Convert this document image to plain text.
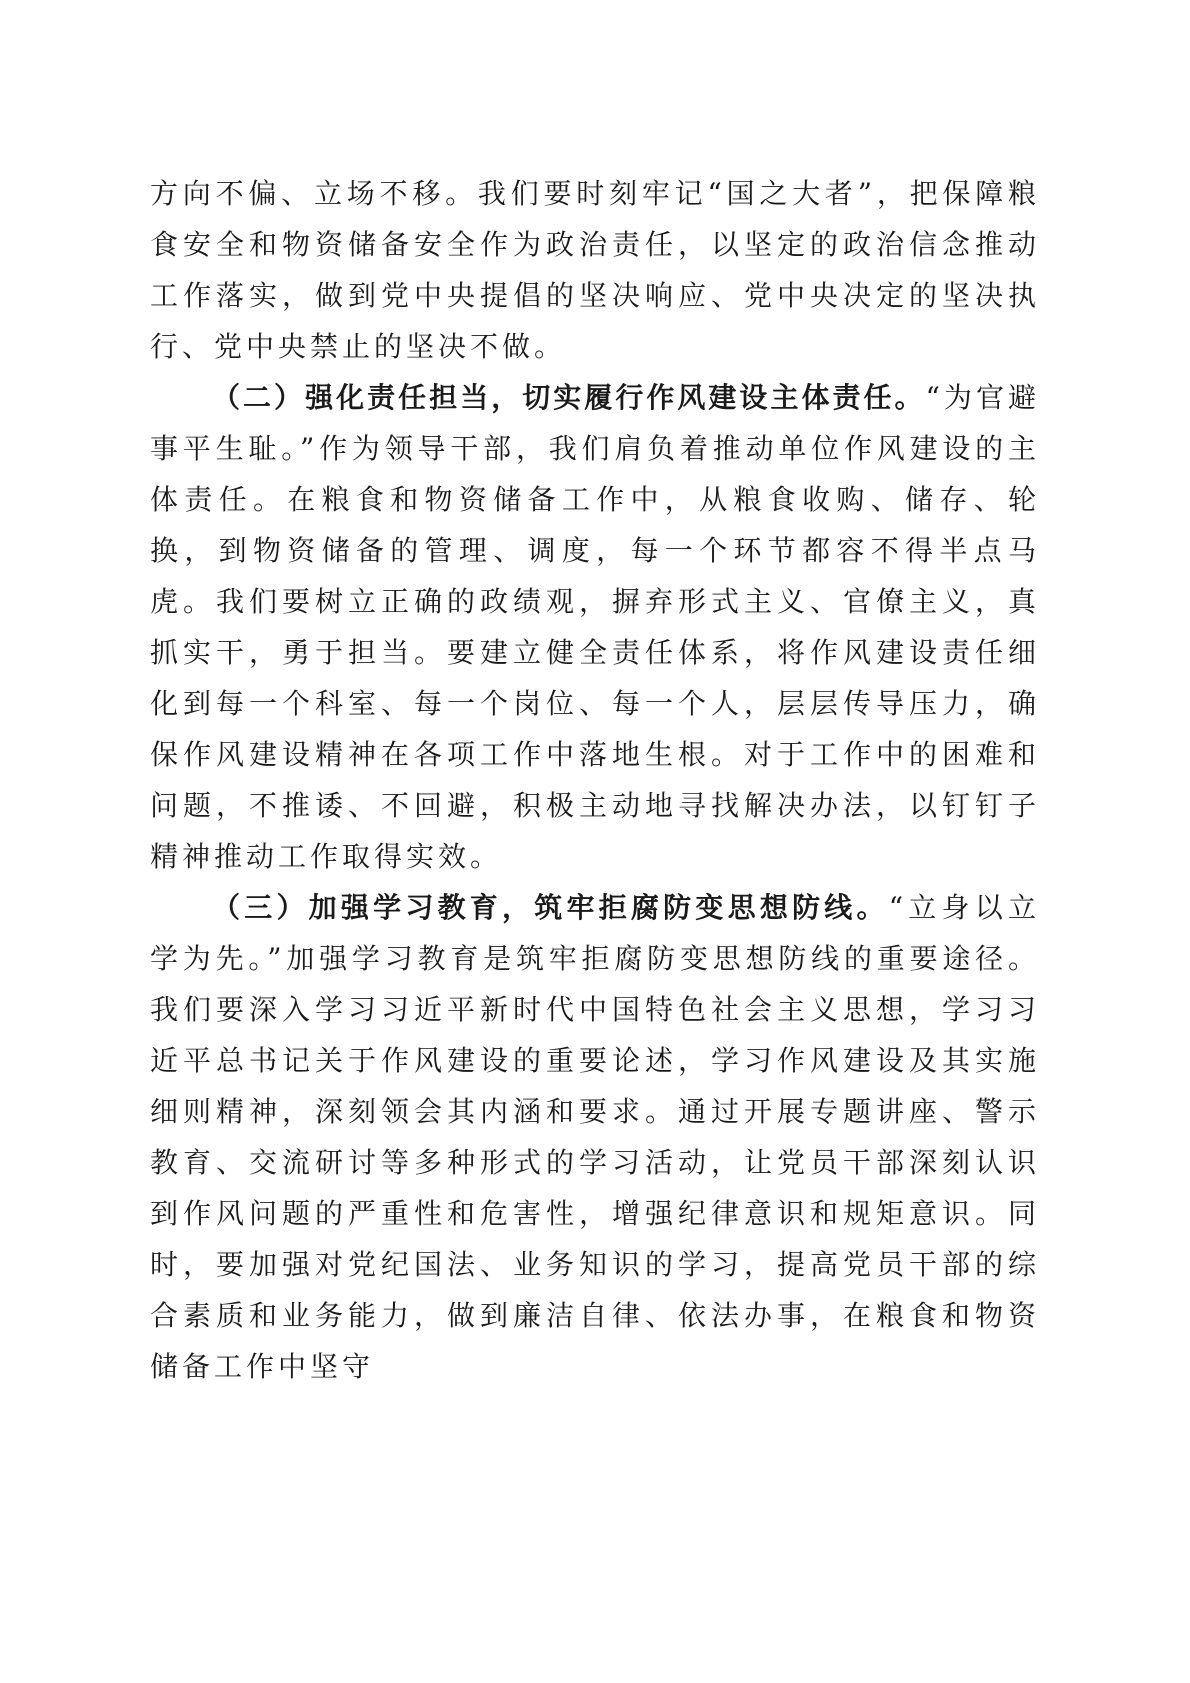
方向不偏、立场不移。我们要时刻牢记“国之大者”，把保障粮食安全和物资储备安全作为政治责任，以坚定的政治信念推动工作落实，做到党中央提倡的坚决响应、党中央决定的坚决执行、党中央禁止的坚决不做。

（二）强化责任担当，切实履行作风建设主体责任。“为官避事平生耻。”作为领导干部，我们肩负着推动单位作风建设的主体责任。在粮食和物资储备工作中，从粮食收购、储存、轮换，到物资储备的管理、调度，每一个环节都容不得半点马虎。我们要树立正确的政绩观，摒弃形式主义、官僚主义，真抓实干，勇于担当。要建立健全责任体系，将作风建设责任细化到每一个科室、每一个岗位、每一个人，层层传导压力，确保作风建设精神在各项工作中落地生根。对于工作中的困难和问题，不推诿、不回避，积极主动地寻找解决办法，以钉钉子精神推动工作取得实效。

（三）加强学习教育，筑牢拒腐防变思想防线。“立身以立学为先。”加强学习教育是筑牢拒腐防变思想防线的重要途径。我们要深入学习习近平新时代中国特色社会主义思想，学习习近平总书记关于作风建设的重要论述，学习作风建设及其实施细则精神，深刻领会其内涵和要求。通过开展专题讲座、警示教育、交流研讨等多种形式的学习活动，让党员干部深刻认识到作风问题的严重性和危害性，增强纪律意识和规矩意识。同时，要加强对党纪国法、业务知识的学习，提高党员干部的综合素质和业务能力，做到廉洁自律、依法办事，在粮食和物资储备工作中坚守
